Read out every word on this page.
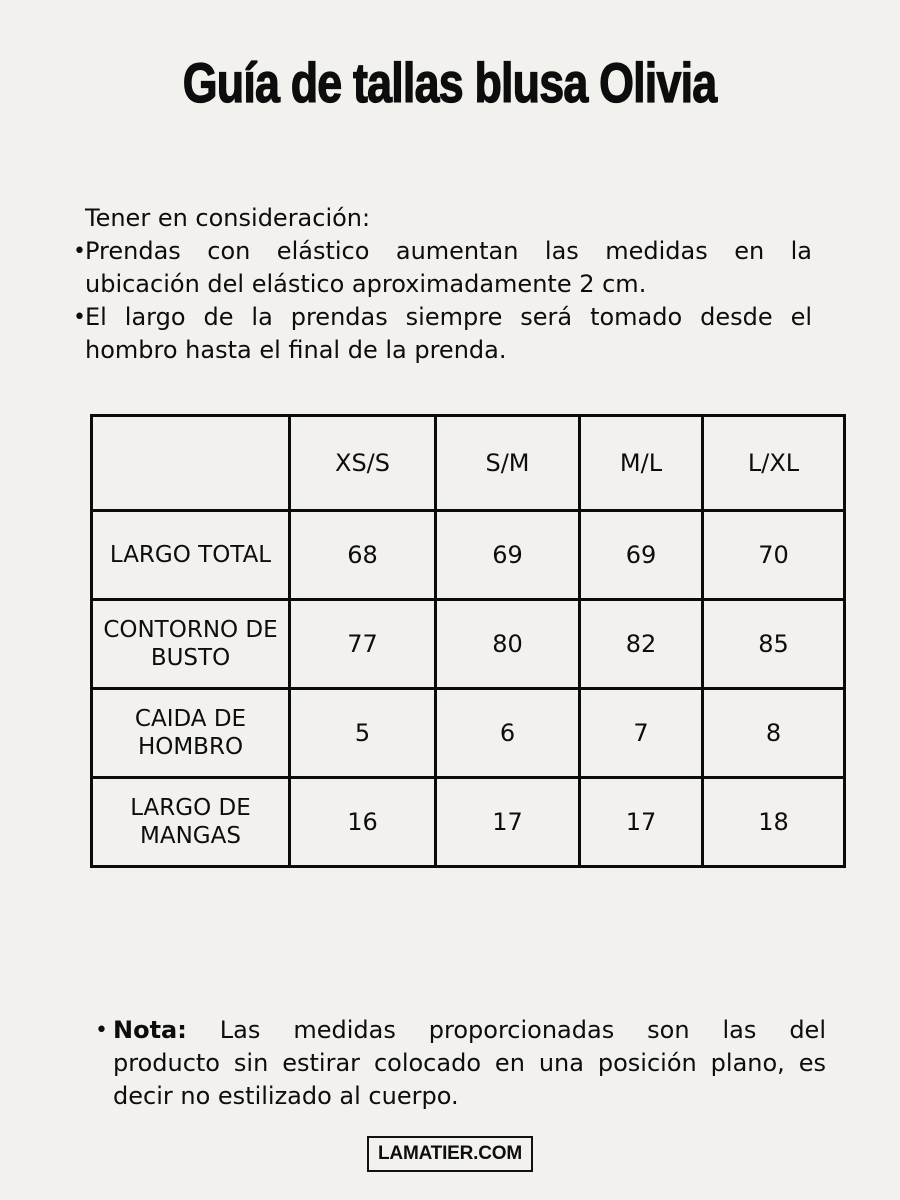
Guía de tallas blusa Olivia
Tener en consideración:
• Prendas con elástico aumentan las medidas en la
ubicación del elástico aproximadamente 2 cm.
• El largo de la prendas siempre será tomado desde el
hombro hasta el final de la prenda.
	XS/S	S/M	M/L	L/XL
LARGO TOTAL	68	69	69	70
CONTORNO DE BUSTO	77	80	82	85
CAIDA DE HOMBRO	5	6	7	8
LARGO DE MANGAS	16	17	17	18
• Nota: Las medidas proporcionadas son las del
producto sin estirar colocado en una posición plano, es
decir no estilizado al cuerpo.
LAMATIER.COM
